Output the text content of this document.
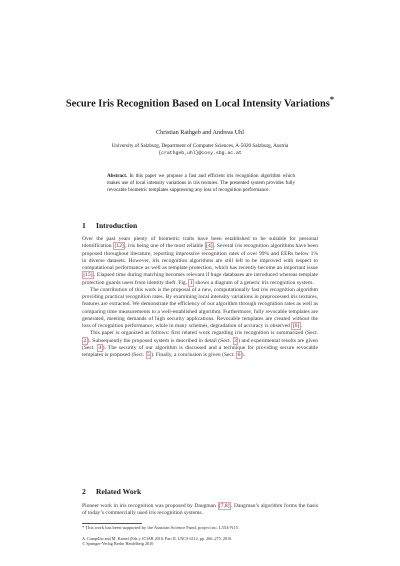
Secure Iris Recognition Based on Local Intensity Variations*
Christian Rathgeb and Andreas Uhl
University of Salzburg, Department of Computer Sciences, A-5020 Salzburg, Austria
{crathgeb,uhl}@cosy.sbg.ac.at
Abstract. In this paper we propose a fast and efficient iris recognition algorithm which makes use of local intensity variations in iris textures. The presented system provides fully revocable biometric templates suppressing any loss of recognition performance.
1 Introduction

Over the past years plenty of biometric traits have been established to be suitable for personal identification [12], iris being one of the most reliable [4]. Several iris recognition algorithms have been proposed throughout literature, reporting impressive recognition rates of over 99% and EERs below 1% in diverse datasets. However, iris recognition algorithms are still left to be improved with respect to computational performance as well as template protection, which has recently become an important issue [15]. Elapsed time during matching becomes relevant if huge databases are introduced whereas template protection guards users from identity theft. Fig. 1 shows a diagram of a generic iris recognition system.

The contribution of this work is the proposal of a new, computationally fast iris recognition algorithm providing practical recognition rates. By examining local intensity variations in preprocessed iris textures, features are extracted. We demonstrate the efficiency of our algorithm through recognition rates as well as comparing time measurements to a well-established algorithm. Furthermore, fully revocable templates are generated, meeting demands of high security applications. Revocable templates are created without the loss of recognition performance, while in many schemes, degradation of accuracy is observed [6].

This paper is organized as follows: first related work regarding iris recognition is summarized (Sect. 2). Subsequently the proposed system is described in detail (Sect. 3) and experimental results are given (Sect. 4). The security of our algorithm is discussed and a technique for providing secure revocable templates is proposed (Sect. 5). Finally, a conclusion is given (Sect. 6).

2 Related Work

Pioneer work in iris recognition was proposed by Daugman [7,8]. Daugman’s algorithm forms the basis of today’s commercially used iris recognition systems.

* This work has been supported by the Austrian Science Fund, project no. L554-N15.
A. Campilho and M. Kamel (Eds.): ICIAR 2010, Part II, LNCS 6112, pp. 266–275, 2010.
© Springer-Verlag Berlin Heidelberg 2010
